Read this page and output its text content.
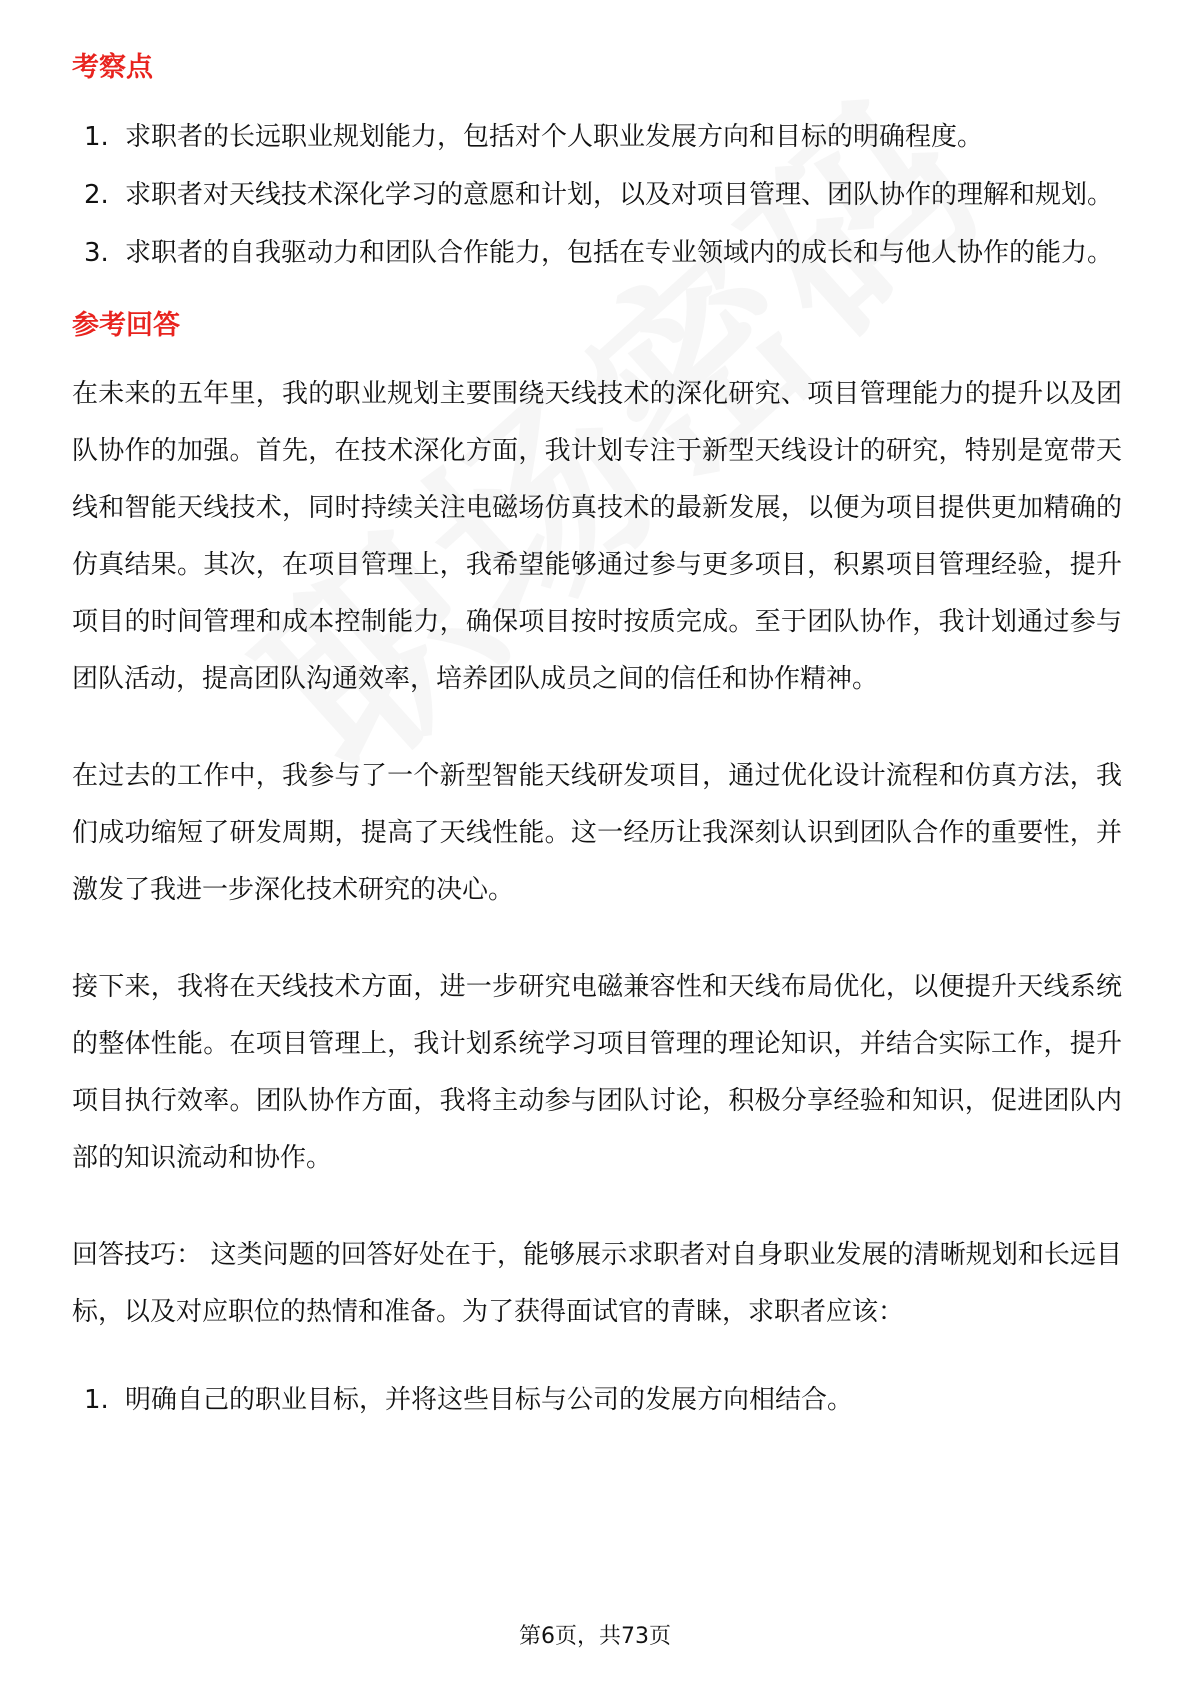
考察点
1. 求职者的长远职业规划能力，包括对个人职业发展方向和目标的明确程度。
2. 求职者对天线技术深化学习的意愿和计划，以及对项目管理、团队协作的理解和规划。
3. 求职者的自我驱动力和团队合作能力，包括在专业领域内的成长和与他人协作的能力。
参考回答

在未来的五年里，我的职业规划主要围绕天线技术的深化研究、项目管理能力的提升以及团队协作的加强。首先，在技术深化方面，我计划专注于新型天线设计的研究，特别是宽带天线和智能天线技术，同时持续关注电磁场仿真技术的最新发展，以便为项目提供更加精确的仿真结果。其次，在项目管理上，我希望能够通过参与更多项目，积累项目管理经验，提升项目的时间管理和成本控制能力，确保项目按时按质完成。至于团队协作，我计划通过参与团队活动，提高团队沟通效率，培养团队成员之间的信任和协作精神。

在过去的工作中，我参与了一个新型智能天线研发项目，通过优化设计流程和仿真方法，我们成功缩短了研发周期，提高了天线性能。这一经历让我深刻认识到团队合作的重要性，并激发了我进一步深化技术研究的决心。

接下来，我将在天线技术方面，进一步研究电磁兼容性和天线布局优化，以便提升天线系统的整体性能。在项目管理上，我计划系统学习项目管理的理论知识，并结合实际工作，提升项目执行效率。团队协作方面，我将主动参与团队讨论，积极分享经验和知识，促进团队内部的知识流动和协作。

回答技巧： 这类问题的回答好处在于，能够展示求职者对自身职业发展的清晰规划和长远目标，以及对应职位的热情和准备。为了获得面试官的青睐，求职者应该：

1. 明确自己的职业目标，并将这些目标与公司的发展方向相结合。
第6页，共73页
